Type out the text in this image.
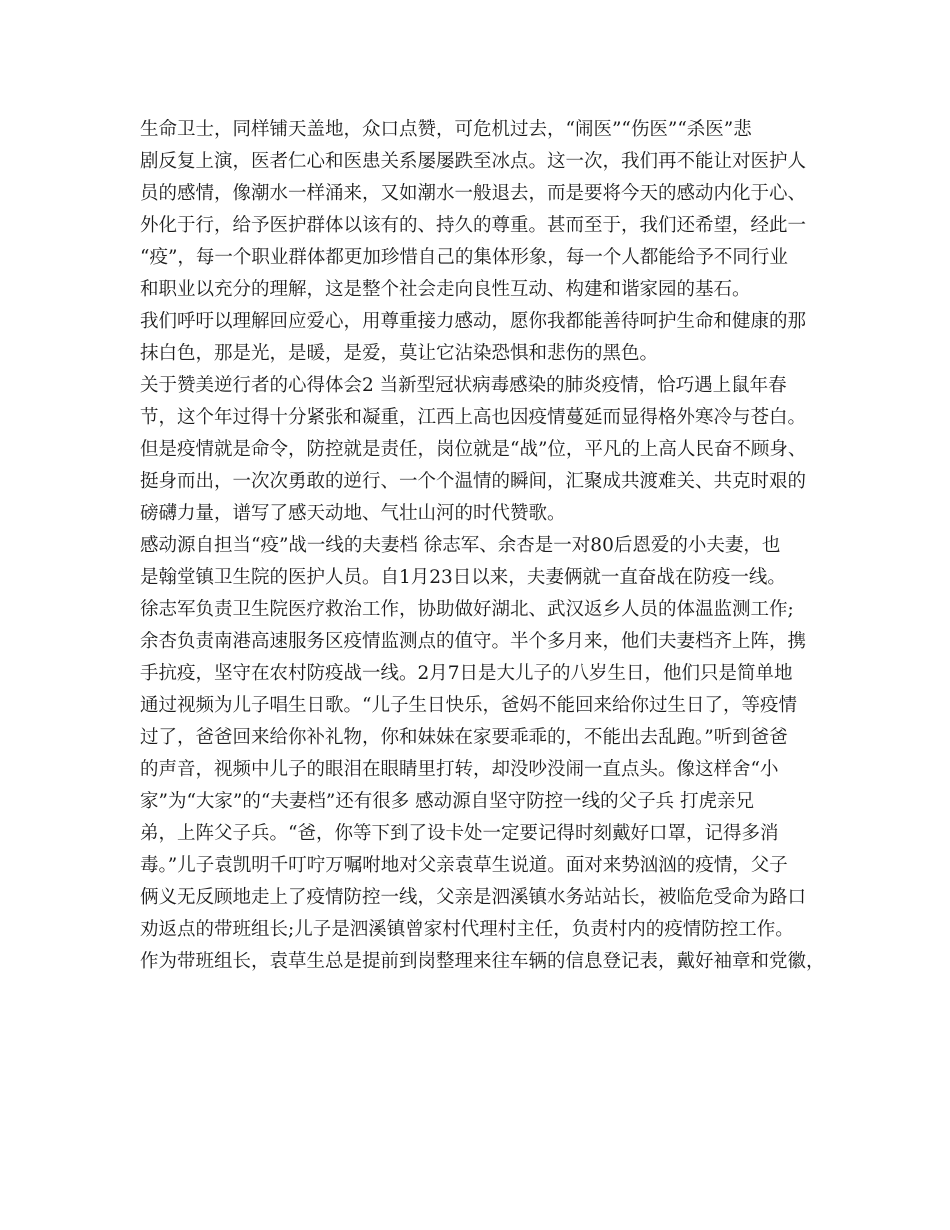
生命卫士，同样铺天盖地，众口点赞，可危机过去，“闹医”“伤医”“杀医”悲
剧反复上演，医者仁心和医患关系屡屡跌至冰点。这一次，我们再不能让对医护人
员的感情，像潮水一样涌来，又如潮水一般退去，而是要将今天的感动内化于心、
外化于行，给予医护群体以该有的、持久的尊重。甚而至于，我们还希望，经此一
“疫”，每一个职业群体都更加珍惜自己的集体形象，每一个人都能给予不同行业
和职业以充分的理解，这是整个社会走向良性互动、构建和谐家园的基石。
我们呼吁以理解回应爱心，用尊重接力感动，愿你我都能善待呵护生命和健康的那
抹白色，那是光，是暖，是爱，莫让它沾染恐惧和悲伤的黑色。
关于赞美逆行者的心得体会2 当新型冠状病毒感染的肺炎疫情，恰巧遇上鼠年春
节，这个年过得十分紧张和凝重，江西上高也因疫情蔓延而显得格外寒冷与苍白。
但是疫情就是命令，防控就是责任，岗位就是“战”位，平凡的上高人民奋不顾身、
挺身而出，一次次勇敢的逆行、一个个温情的瞬间，汇聚成共渡难关、共克时艰的
磅礴力量，谱写了感天动地、气壮山河的时代赞歌。
感动源自担当“疫”战一线的夫妻档 徐志军、余杏是一对80后恩爱的小夫妻，也
是翰堂镇卫生院的医护人员。自1月23日以来，夫妻俩就一直奋战在防疫一线。
徐志军负责卫生院医疗救治工作，协助做好湖北、武汉返乡人员的体温监测工作;
余杏负责南港高速服务区疫情监测点的值守。半个多月来，他们夫妻档齐上阵，携
手抗疫，坚守在农村防疫战一线。2月7日是大儿子的八岁生日，他们只是简单地
通过视频为儿子唱生日歌。“儿子生日快乐，爸妈不能回来给你过生日了，等疫情
过了，爸爸回来给你补礼物，你和妹妹在家要乖乖的，不能出去乱跑。”听到爸爸
的声音，视频中儿子的眼泪在眼睛里打转，却没吵没闹一直点头。像这样舍“小
家”为“大家”的“夫妻档”还有很多 感动源自坚守防控一线的父子兵 打虎亲兄
弟，上阵父子兵。“爸，你等下到了设卡处一定要记得时刻戴好口罩，记得多消
毒。”儿子袁凯明千叮咛万嘱咐地对父亲袁草生说道。面对来势汹汹的疫情，父子
俩义无反顾地走上了疫情防控一线，父亲是泗溪镇水务站站长，被临危受命为路口
劝返点的带班组长;儿子是泗溪镇曾家村代理村主任，负责村内的疫情防控工作。
作为带班组长，袁草生总是提前到岗整理来往车辆的信息登记表，戴好袖章和党徽，
